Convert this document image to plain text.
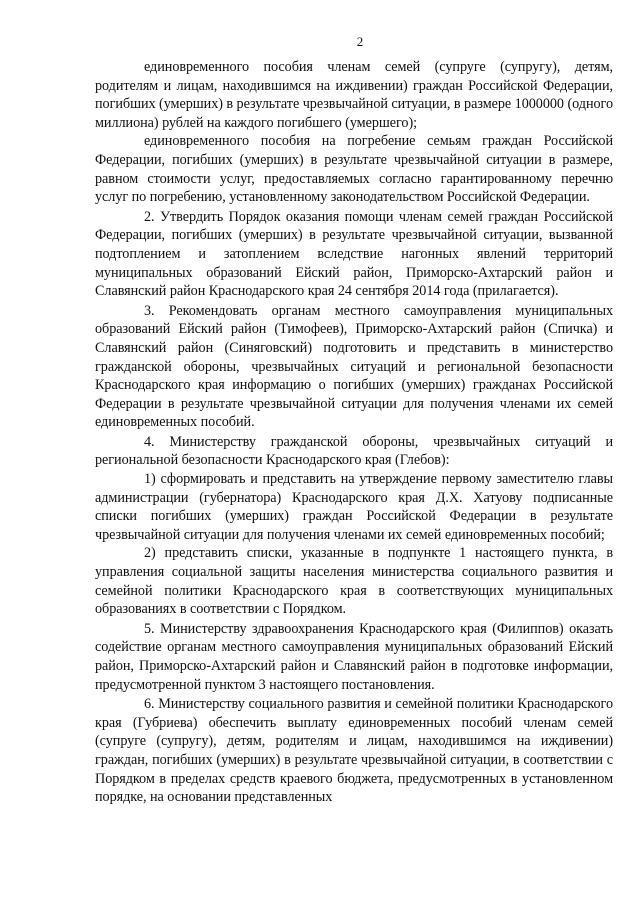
2

единовременного пособия членам семей (супруге (супругу), детям, родителям и лицам, находившимся на иждивении) граждан Российской Федерации, погибших (умерших) в результате чрезвычайной ситуации, в размере 1000000 (одного миллиона) рублей на каждого погибшего (умершего);

единовременного пособия на погребение семьям граждан Российской Федерации, погибших (умерших) в результате чрезвычайной ситуации в размере, равном стоимости услуг, предоставляемых согласно гарантированному перечню услуг по погребению, установленному законодательством Российской Федерации.

2. Утвердить Порядок оказания помощи членам семей граждан Российской Федерации, погибших (умерших) в результате чрезвычайной ситуации, вызванной подтоплением и затоплением вследствие нагонных явлений территорий муниципальных образований Ейский район, Приморско-Ахтарский район и Славянский район Краснодарского края 24 сентября 2014 года (прилагается).

3. Рекомендовать органам местного самоуправления муниципальных образований Ейский район (Тимофеев), Приморско-Ахтарский район (Спичка) и Славянский район (Синяговский) подготовить и представить в министерство гражданской обороны, чрезвычайных ситуаций и региональной безопасности Краснодарского края информацию о погибших (умерших) гражданах Российской Федерации в результате чрезвычайной ситуации для получения членами их семей единовременных пособий.

4. Министерству гражданской обороны, чрезвычайных ситуаций и региональной безопасности Краснодарского края (Глебов):

1) сформировать и представить на утверждение первому заместителю главы администрации (губернатора) Краснодарского края Д.Х. Хатуову подписанные списки погибших (умерших) граждан Российской Федерации в результате чрезвычайной ситуации для получения членами их семей единовременных пособий;

2) представить списки, указанные в подпункте 1 настоящего пункта, в управления социальной защиты населения министерства социального развития и семейной политики Краснодарского края в соответствующих муниципальных образованиях в соответствии с Порядком.

5. Министерству здравоохранения Краснодарского края (Филиппов) оказать содействие органам местного самоуправления муниципальных образований Ейский район, Приморско-Ахтарский район и Славянский район в подготовке информации, предусмотренной пунктом 3 настоящего постановления.

6. Министерству социального развития и семейной политики Краснодарского края (Губриева) обеспечить выплату единовременных пособий членам семей (супруге (супругу), детям, родителям и лицам, находившимся на иждивении) граждан, погибших (умерших) в результате чрезвычайной ситуации, в соответствии с Порядком в пределах средств краевого бюджета, предусмотренных в установленном порядке, на основании представленных
